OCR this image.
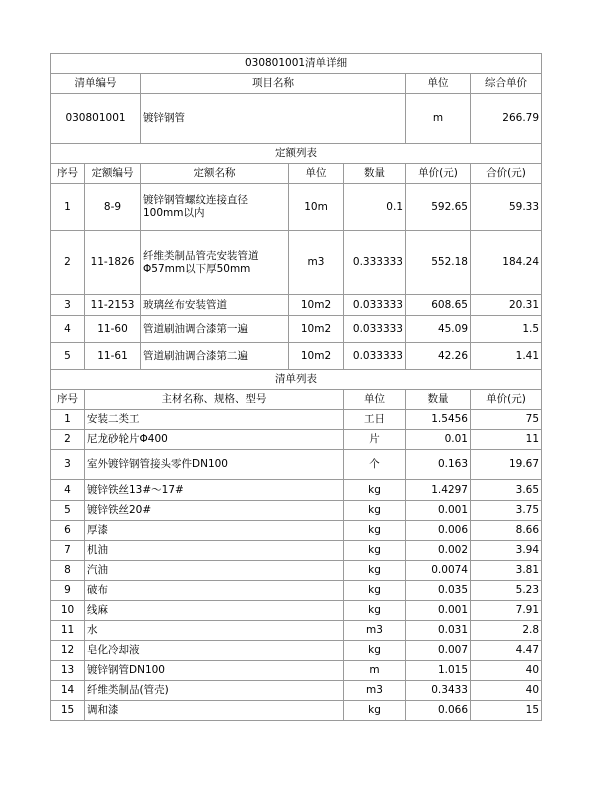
030801001清单详细							
清单编号		项目名称			单位	综合单价	
030801001		镀锌钢管			m	266.79	
定额列表							
序号	定额编号	定额名称	单位	数量	单价(元)	合价(元)	
1	8-9	镀锌钢管螺纹连接直径100mm以内	10m	0.1	592.65	59.33	
2	11-1826	纤维类制品管壳安装管道Φ57mm以下厚50mm	m3	0.333333	552.18	184.24	
3	11-2153	玻璃丝布安装管道	10m2	0.033333	608.65	20.31	
4	11-60	管道刷油调合漆第一遍	10m2	0.033333	45.09	1.5	
5	11-61	管道刷油调合漆第二遍	10m2	0.033333	42.26	1.41	
清单列表							
序号	主材名称、规格、型号			单位	数量	单价(元)	
1	安装二类工			工日	1.5456	75	
2	尼龙砂轮片Φ400			片	0.01	11	
3	室外镀锌钢管接头零件DN100			个	0.163	19.67	
4	镀锌铁丝13#～17#			kg	1.4297	3.65	
5	镀锌铁丝20#			kg	0.001	3.75	
6	厚漆			kg	0.006	8.66	
7	机油			kg	0.002	3.94	
8	汽油			kg	0.0074	3.81	
9	破布			kg	0.035	5.23	
10	线麻			kg	0.001	7.91	
11	水			m3	0.031	2.8	
12	皂化冷却液			kg	0.007	4.47	
13	镀锌钢管DN100			m	1.015	40	
14	纤维类制品(管壳)			m3	0.3433	40	
15	调和漆			kg	0.066	15	
